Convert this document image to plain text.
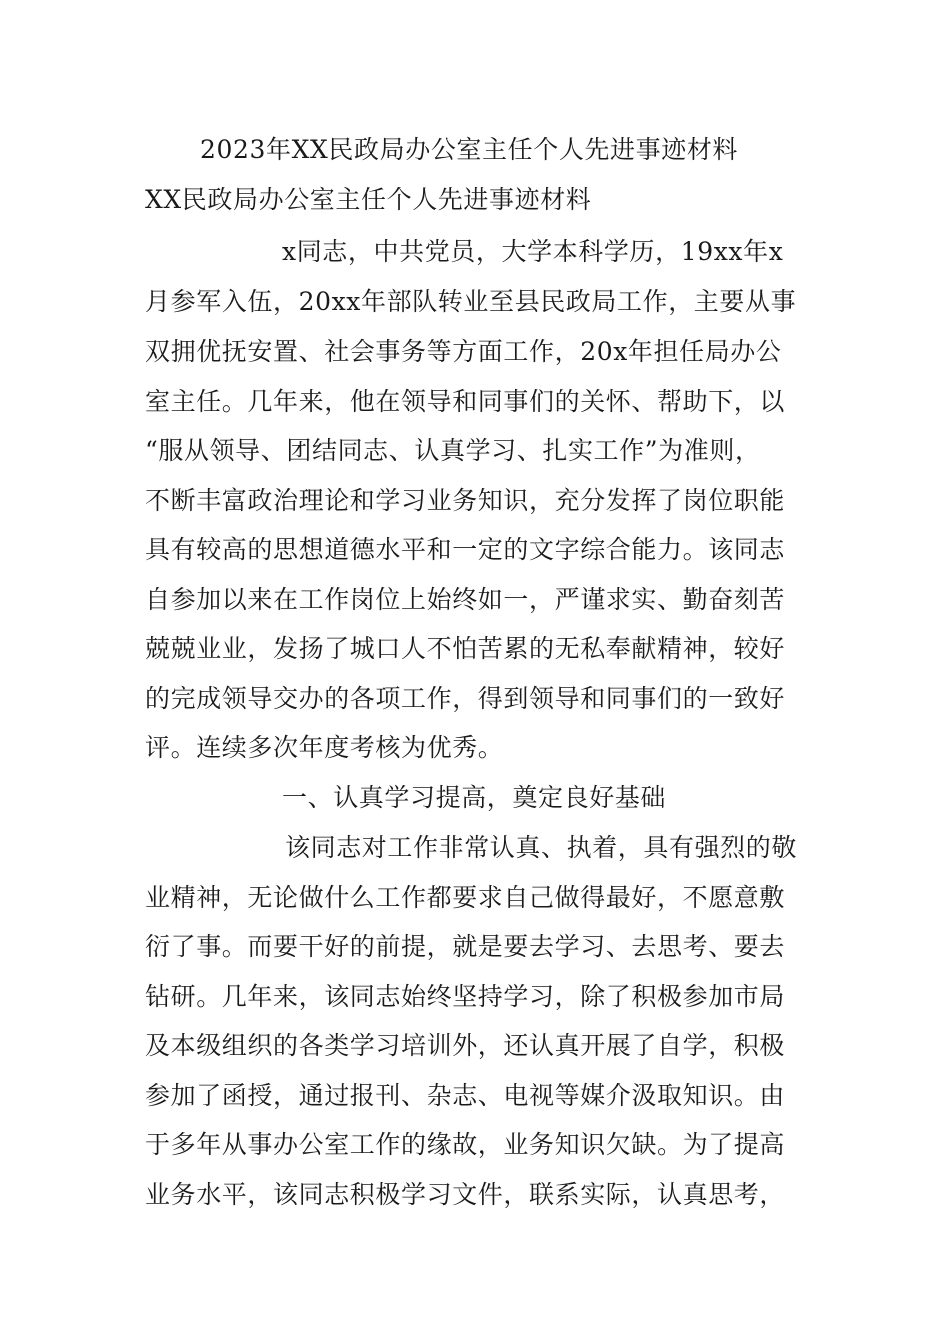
2023年XX民政局办公室主任个人先进事迹材料
XX民政局办公室主任个人先进事迹材料
x同志，中共党员，大学本科学历，19xx年x
月参军入伍，20xx年部队转业至县民政局工作，主要从事
双拥优抚安置、社会事务等方面工作，20x年担任局办公
室主任。几年来，他在领导和同事们的关怀、帮助下，以
“服从领导、团结同志、认真学习、扎实工作”为准则，
不断丰富政治理论和学习业务知识，充分发挥了岗位职能
具有较高的思想道德水平和一定的文字综合能力。该同志
自参加以来在工作岗位上始终如一，严谨求实、勤奋刻苦
兢兢业业，发扬了城口人不怕苦累的无私奉献精神，较好
的完成领导交办的各项工作，得到领导和同事们的一致好
评。连续多次年度考核为优秀。
一、认真学习提高，奠定良好基础
该同志对工作非常认真、执着，具有强烈的敬
业精神，无论做什么工作都要求自己做得最好，不愿意敷
衍了事。而要干好的前提，就是要去学习、去思考、要去
钻研。几年来，该同志始终坚持学习，除了积极参加市局
及本级组织的各类学习培训外，还认真开展了自学，积极
参加了函授，通过报刊、杂志、电视等媒介汲取知识。由
于多年从事办公室工作的缘故，业务知识欠缺。为了提高
业务水平，该同志积极学习文件，联系实际，认真思考，
